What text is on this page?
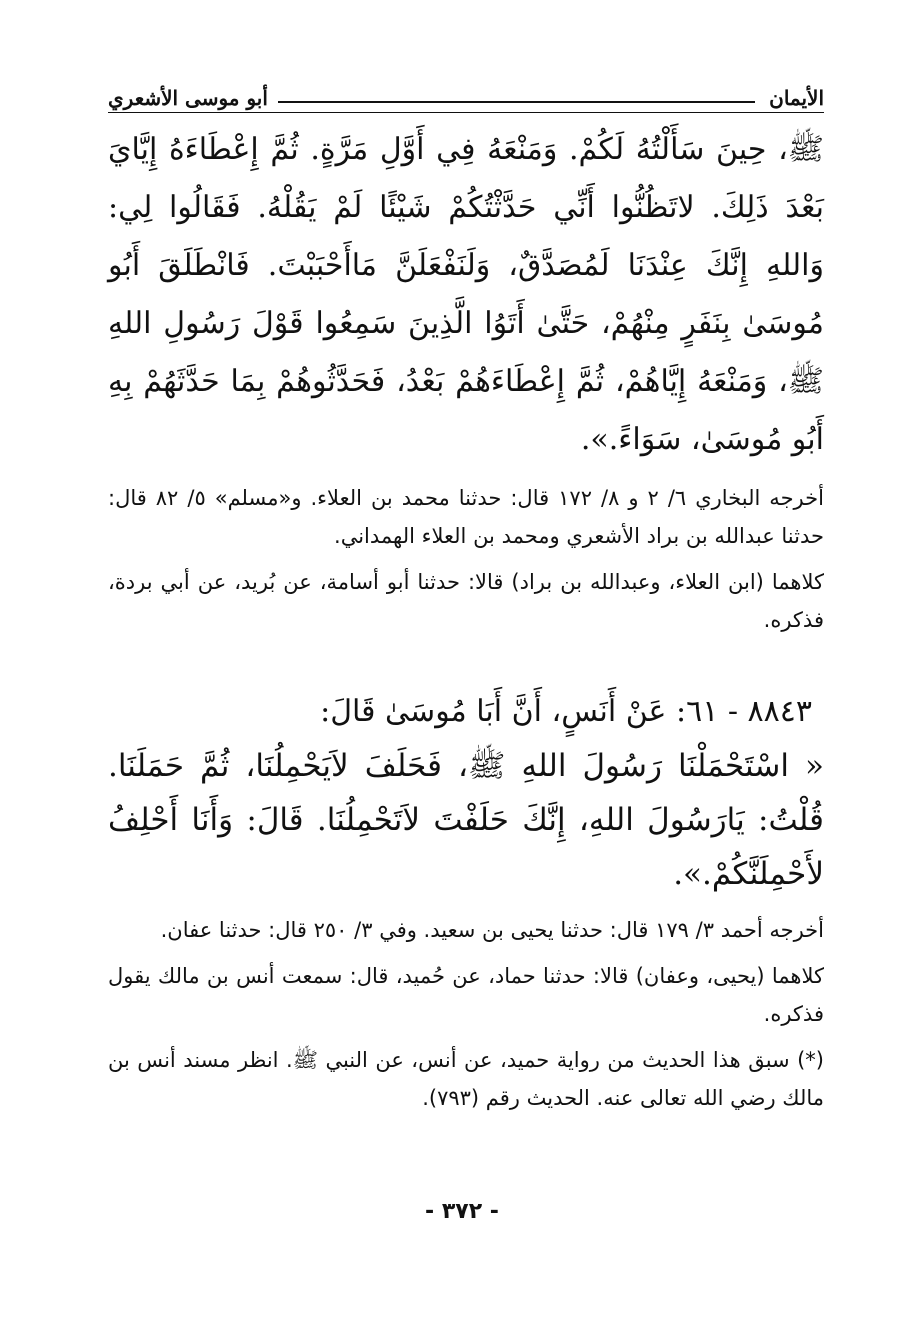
الأيمان
أبو موسى الأشعري

ﷺ، حِينَ سَأَلْتُهُ لَكُمْ. وَمَنْعَهُ فِي أَوَّلِ مَرَّةٍ. ثُمَّ إِعْطَاءَهُ إِيَّايَ بَعْدَ ذَلِكَ. لاتَظُنُّوا أَنِّي حَدَّثْتُكُمْ شَيْئًا لَمْ يَقُلْهُ. فَقَالُوا لِي: وَاللهِ إِنَّكَ عِنْدَنَا لَمُصَدَّقٌ، وَلَنَفْعَلَنَّ مَاأَحْبَبْتَ. فَانْطَلَقَ أَبُو مُوسَىٰ بِنَفَرٍ مِنْهُمْ، حَتَّىٰ أَتَوُا الَّذِينَ سَمِعُوا قَوْلَ رَسُولِ اللهِ ﷺ، وَمَنْعَهُ إِيَّاهُمْ، ثُمَّ إِعْطَاءَهُمْ بَعْدُ، فَحَدَّثُوهُمْ بِمَا حَدَّثَهُمْ بِهِ أَبُو مُوسَىٰ، سَوَاءً.».

أخرجه البخاري ٦/ ٢ و ٨/ ١٧٢ قال: حدثنا محمد بن العلاء. و«مسلم» ٥/ ٨٢ قال: حدثنا عبدالله بن براد الأشعري ومحمد بن العلاء الهمداني.

كلاهما (ابن العلاء، وعبدالله بن براد) قالا: حدثنا أبو أسامة، عن بُريد، عن أبي بردة، فذكره.

٨٨٤٣ - ٦١: عَنْ أَنَسٍ، أَنَّ أَبَا مُوسَىٰ قَالَ:

« اسْتَحْمَلْنَا رَسُولَ اللهِ ﷺ، فَحَلَفَ لاَيَحْمِلُنَا، ثُمَّ حَمَلَنَا. قُلْتُ: يَارَسُولَ اللهِ، إِنَّكَ حَلَفْتَ لاَتَحْمِلُنَا. قَالَ: وَأَنَا أَحْلِفُ لأَحْمِلَنَّكُمْ.».

أخرجه أحمد ٣/ ١٧٩ قال: حدثنا يحيى بن سعيد. وفي ٣/ ٢٥٠ قال: حدثنا عفان.

كلاهما (يحيى، وعفان) قالا: حدثنا حماد، عن حُميد، قال: سمعت أنس بن مالك يقول فذكره.

(*) سبق هذا الحديث من رواية حميد، عن أنس، عن النبي ﷺ. انظر مسند أنس بن مالك رضي الله تعالى عنه. الحديث رقم (٧٩٣).

- ٣٧٢ -
